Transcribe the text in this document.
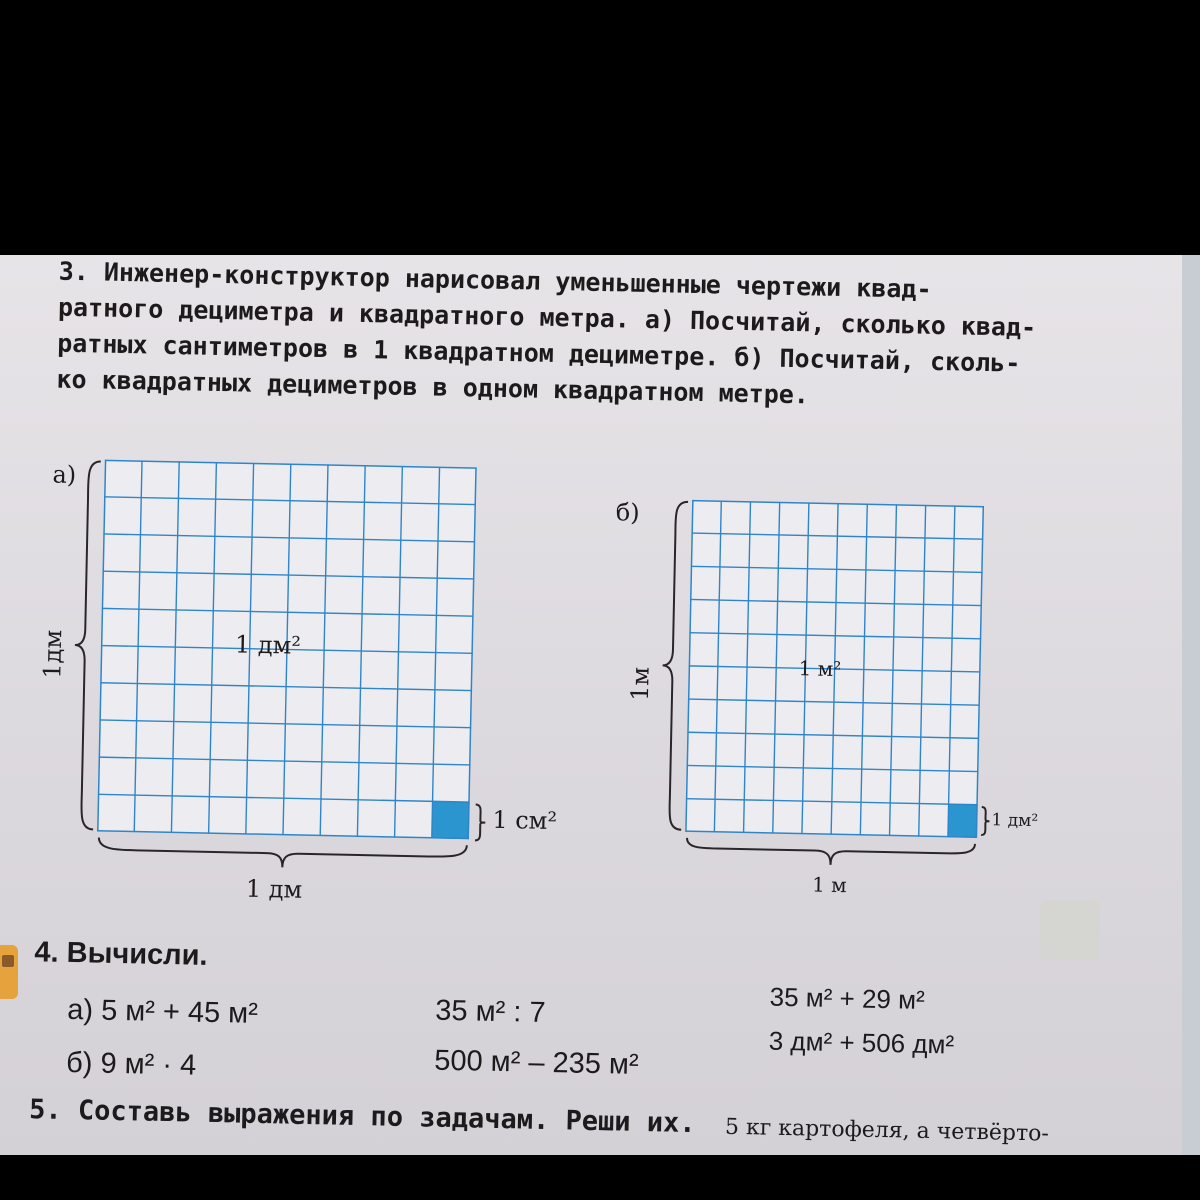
3. Инженер-конструктор нарисовал уменьшенные чертежи квад-
ратного дециметра и квадратного метра. а) Посчитай, сколько квад-
ратных сантиметров в 1 квадратном дециметре. б) Посчитай, сколь-
ко квадратных дециметров в одном квадратном метре.
а)
1 дм²
1дм
1 дм
1 см²
б)
1 м²
1м
1 м
1 дм²
4. Вычисли.
а) 5 м² + 45 м²
б) 9 м² · 4
35 м² : 7
500 м² – 235 м²
35 м² + 29 м²
3 дм² + 506 дм²
5. Составь выражения по задачам. Реши их. 5 кг картофеля, а четвёрто-
